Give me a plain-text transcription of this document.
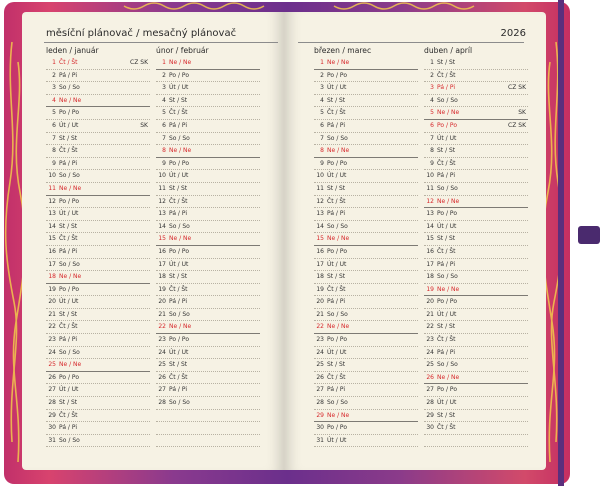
měsíční plánovač / mesačný plánovač
leden / január
1 Čt / Št	CZ SK
2 Pá / Pi
3 So / So
4 Ne / Ne
5 Po / Po
6 Út / Ut	SK
7 St / St
8 Čt / Št
9 Pá / Pi
10 So / So
11 Ne / Ne
12 Po / Po
13 Út / Ut
14 St / St
15 Čt / Št
16 Pá / Pi
17 So / So
18 Ne / Ne
19 Po / Po
20 Út / Ut
21 St / St
22 Čt / Št
23 Pá / Pi
24 So / So
25 Ne / Ne
26 Po / Po
27 Út / Ut
28 St / St
29 Čt / Št
30 Pá / Pi
31 So / So
únor / február
1 Ne / Ne
2 Po / Po
3 Út / Ut
4 St / St
5 Čt / Št
6 Pá / Pi
7 So / So
8 Ne / Ne
9 Po / Po
10 Út / Ut
11 St / St
12 Čt / Št
13 Pá / Pi
14 So / So
15 Ne / Ne
16 Po / Po
17 Út / Ut
18 St / St
19 Čt / Št
20 Pá / Pi
21 So / So
22 Ne / Ne
23 Po / Po
24 Út / Ut
25 St / St
26 Čt / Št
27 Pá / Pi
28 So / So
2026
březen / marec
1 Ne / Ne
2 Po / Po
3 Út / Ut
4 St / St
5 Čt / Št
6 Pá / Pi
7 So / So
8 Ne / Ne
9 Po / Po
10 Út / Ut
11 St / St
12 Čt / Št
13 Pá / Pi
14 So / So
15 Ne / Ne
16 Po / Po
17 Út / Ut
18 St / St
19 Čt / Št
20 Pá / Pi
21 So / So
22 Ne / Ne
23 Po / Po
24 Út / Ut
25 St / St
26 Čt / Št
27 Pá / Pi
28 So / So
29 Ne / Ne
30 Po / Po
31 Út / Ut
duben / apríl
1 St / St
2 Čt / Št
3 Pá / Pi	CZ SK
4 So / So
5 Ne / Ne	SK
6 Po / Po	CZ SK
7 Út / Ut
8 St / St
9 Čt / Št
10 Pá / Pi
11 So / So
12 Ne / Ne
13 Po / Po
14 Út / Ut
15 St / St
16 Čt / Št
17 Pá / Pi
18 So / So
19 Ne / Ne
20 Po / Po
21 Út / Ut
22 St / St
23 Čt / Št
24 Pá / Pi
25 So / So
26 Ne / Ne
27 Po / Po
28 Út / Ut
29 St / St
30 Čt / Št
